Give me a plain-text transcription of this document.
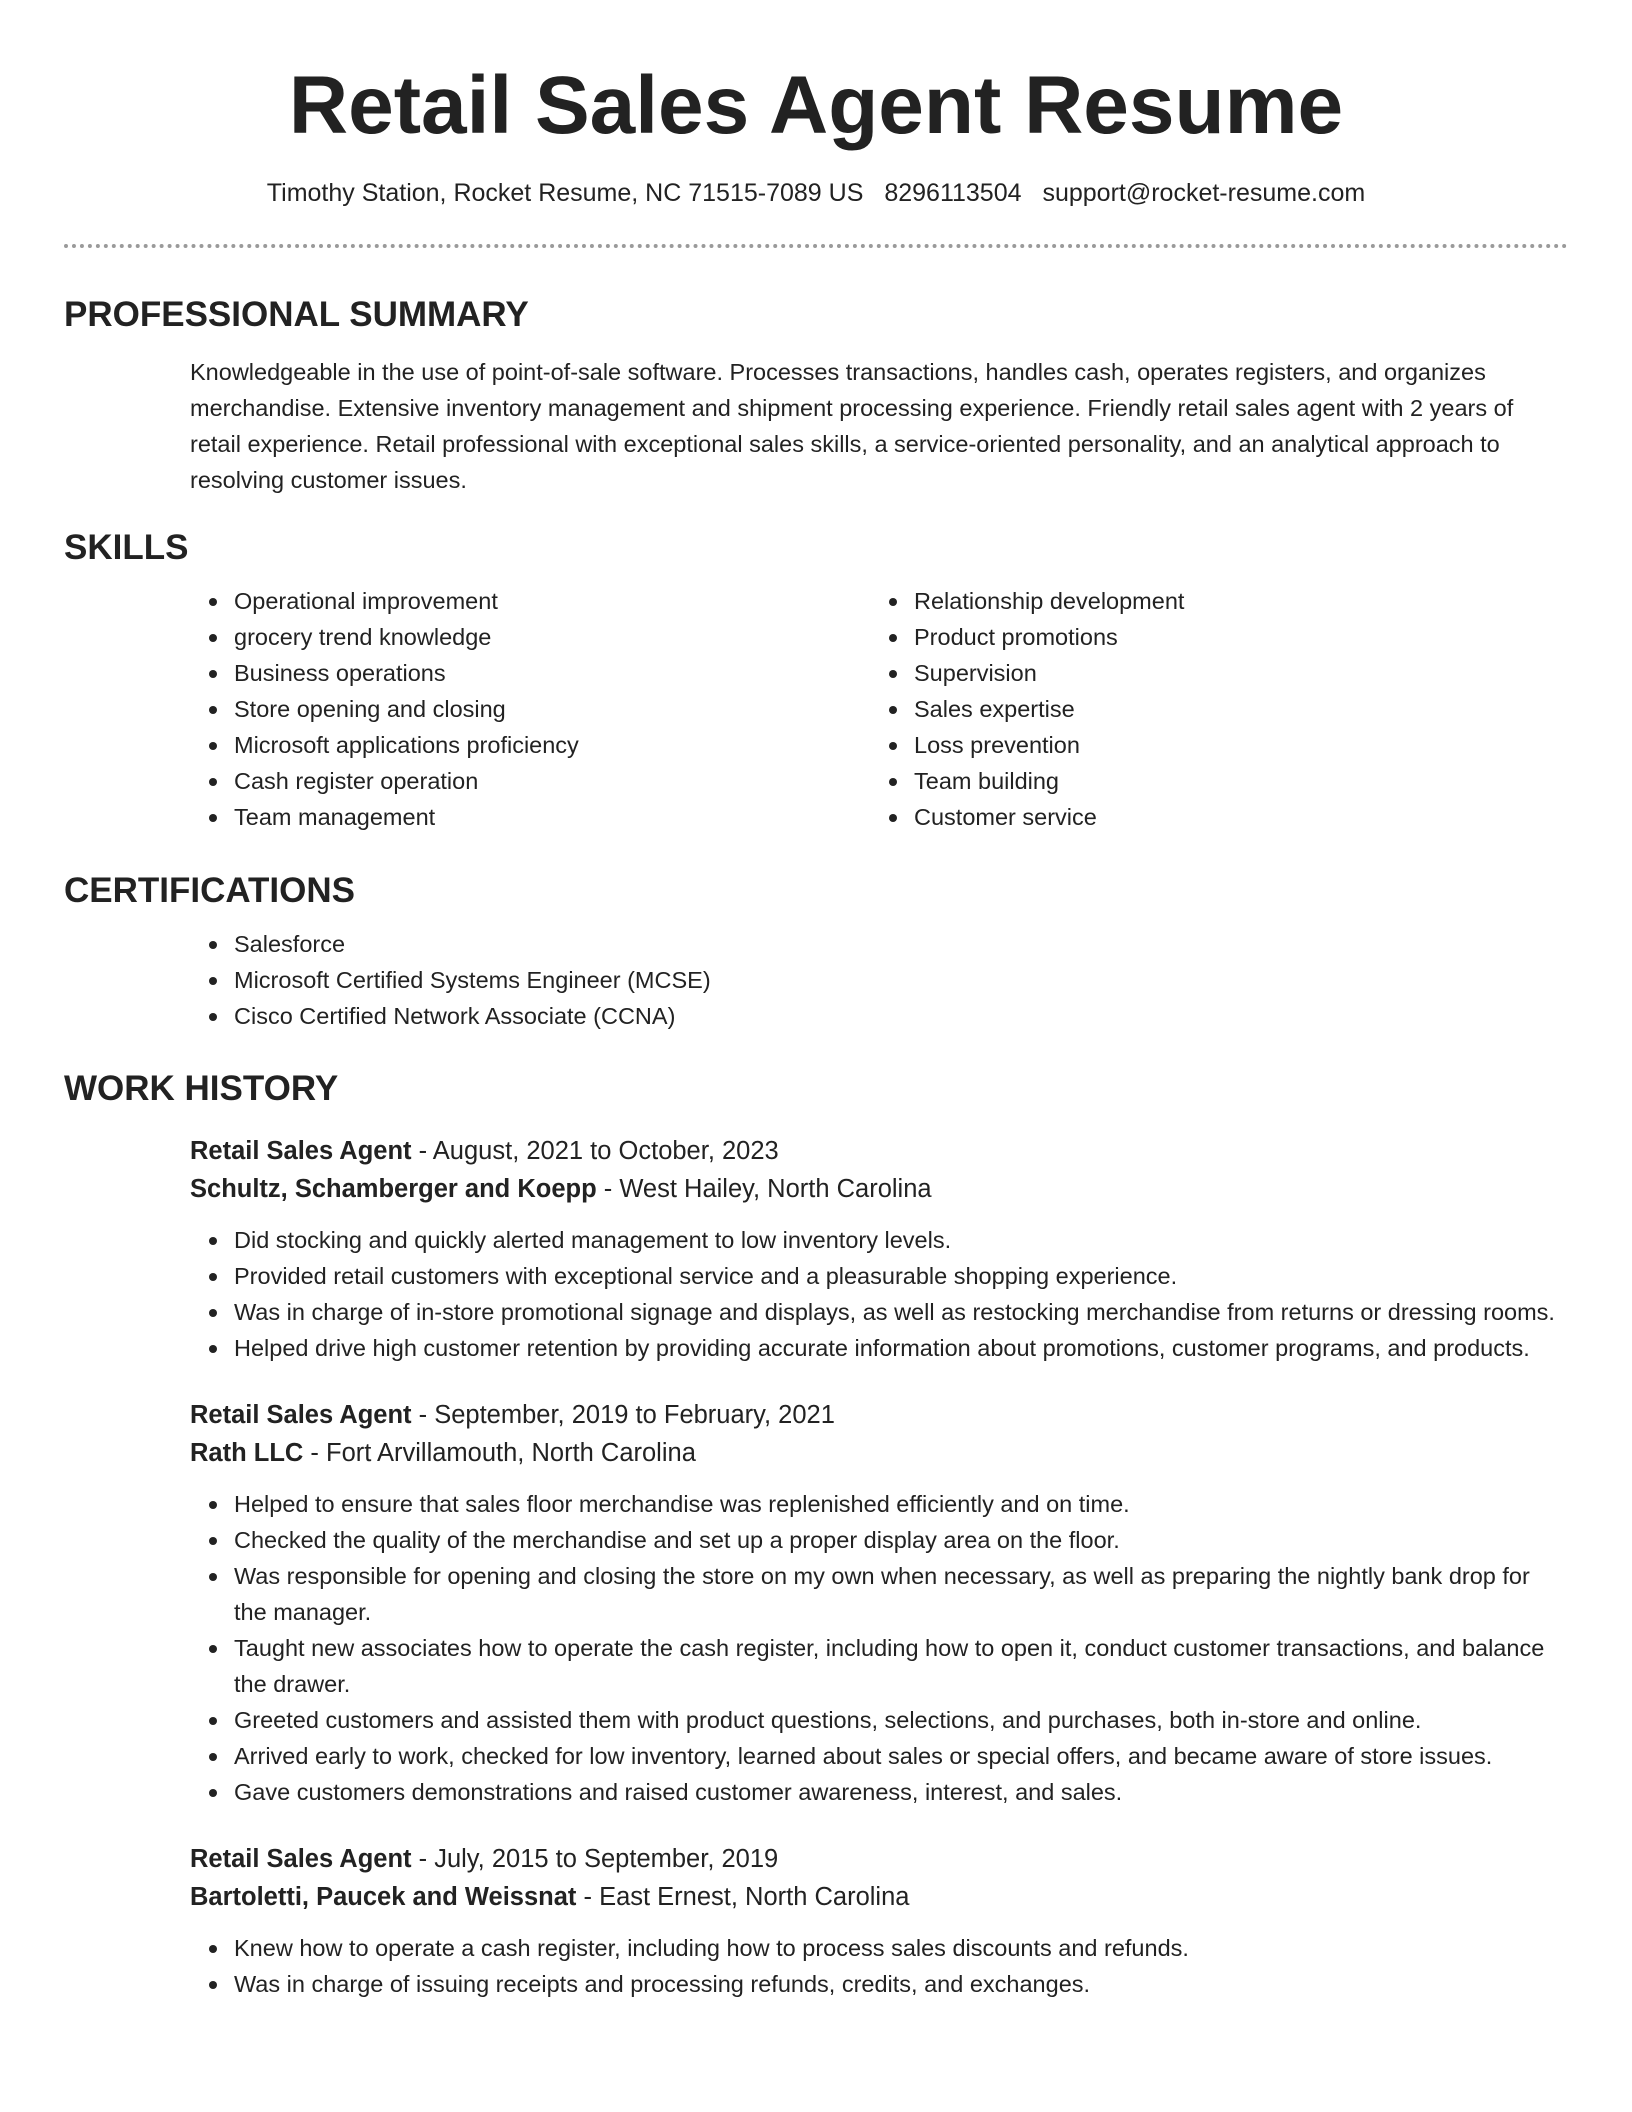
Retail Sales Agent Resume
Timothy Station, Rocket Resume, NC 71515-7089 US 8296113504 support@rocket-resume.com
PROFESSIONAL SUMMARY
Knowledgeable in the use of point-of-sale software. Processes transactions, handles cash, operates registers, and organizes merchandise. Extensive inventory management and shipment processing experience. Friendly retail sales agent with 2 years of retail experience. Retail professional with exceptional sales skills, a service-oriented personality, and an analytical approach to resolving customer issues.
SKILLS
Operational improvement
grocery trend knowledge
Business operations
Store opening and closing
Microsoft applications proficiency
Cash register operation
Team management
Relationship development
Product promotions
Supervision
Sales expertise
Loss prevention
Team building
Customer service
CERTIFICATIONS
Salesforce
Microsoft Certified Systems Engineer (MCSE)
Cisco Certified Network Associate (CCNA)
WORK HISTORY
Retail Sales Agent - August, 2021 to October, 2023
Schultz, Schamberger and Koepp - West Hailey, North Carolina
Did stocking and quickly alerted management to low inventory levels.
Provided retail customers with exceptional service and a pleasurable shopping experience.
Was in charge of in-store promotional signage and displays, as well as restocking merchandise from returns or dressing rooms.
Helped drive high customer retention by providing accurate information about promotions, customer programs, and products.
Retail Sales Agent - September, 2019 to February, 2021
Rath LLC - Fort Arvillamouth, North Carolina
Helped to ensure that sales floor merchandise was replenished efficiently and on time.
Checked the quality of the merchandise and set up a proper display area on the floor.
Was responsible for opening and closing the store on my own when necessary, as well as preparing the nightly bank drop for the manager.
Taught new associates how to operate the cash register, including how to open it, conduct customer transactions, and balance the drawer.
Greeted customers and assisted them with product questions, selections, and purchases, both in-store and online.
Arrived early to work, checked for low inventory, learned about sales or special offers, and became aware of store issues.
Gave customers demonstrations and raised customer awareness, interest, and sales.
Retail Sales Agent - July, 2015 to September, 2019
Bartoletti, Paucek and Weissnat - East Ernest, North Carolina
Knew how to operate a cash register, including how to process sales discounts and refunds.
Was in charge of issuing receipts and processing refunds, credits, and exchanges.
